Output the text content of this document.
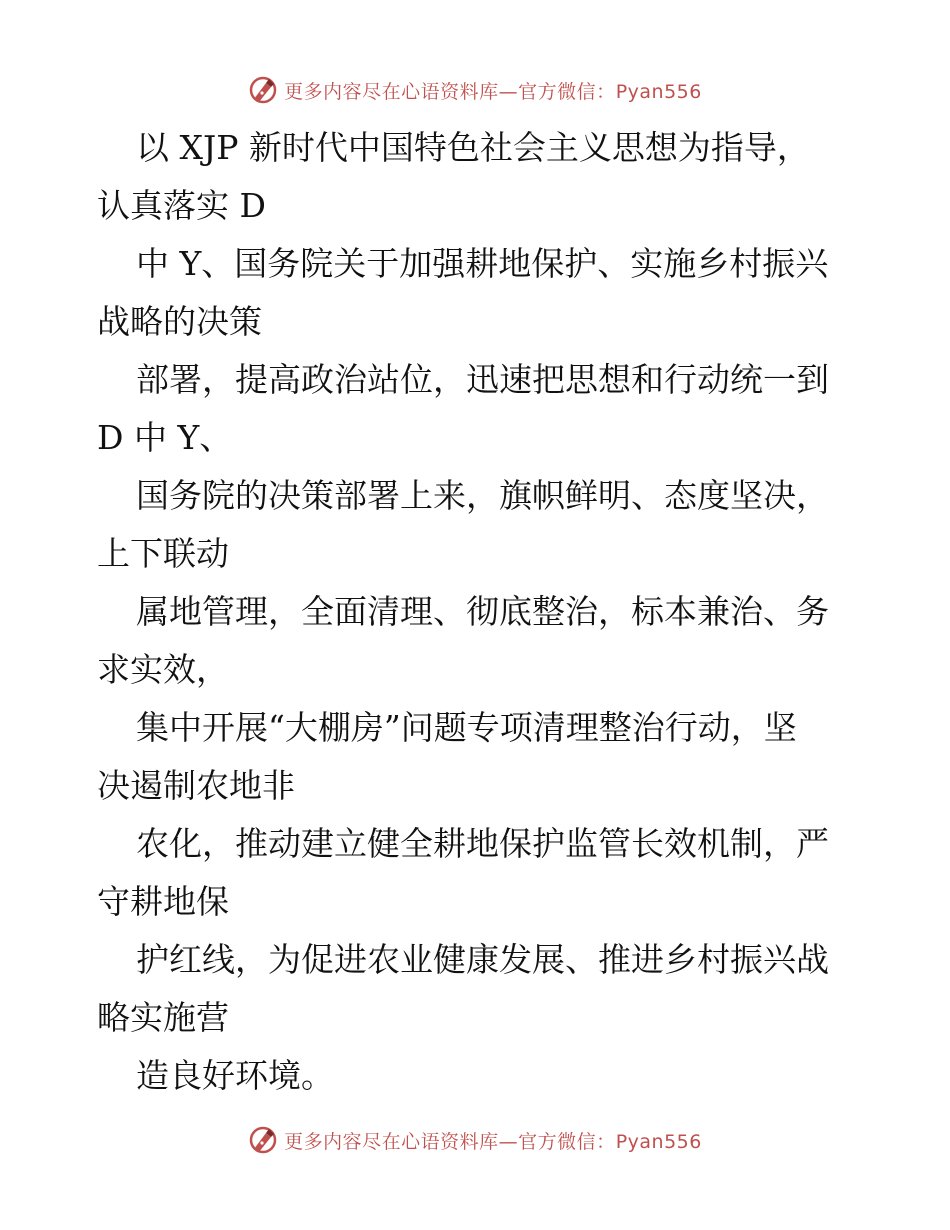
更多内容尽在心语资料库—官方微信：Pyan556
以 XJP 新时代中国特色社会主义思想为指导，
认真落实 D
中 Y、国务院关于加强耕地保护、实施乡村振兴
战略的决策
部署，提高政治站位，迅速把思想和行动统一到
D 中 Y、
国务院的决策部署上来，旗帜鲜明、态度坚决，
上下联动
属地管理，全面清理、彻底整治，标本兼治、务
求实效，
集中开展“大棚房”问题专项清理整治行动，坚
决遏制农地非
农化，推动建立健全耕地保护监管长效机制，严
守耕地保
护红线，为促进农业健康发展、推进乡村振兴战
略实施营
造良好环境。
更多内容尽在心语资料库—官方微信：Pyan556
